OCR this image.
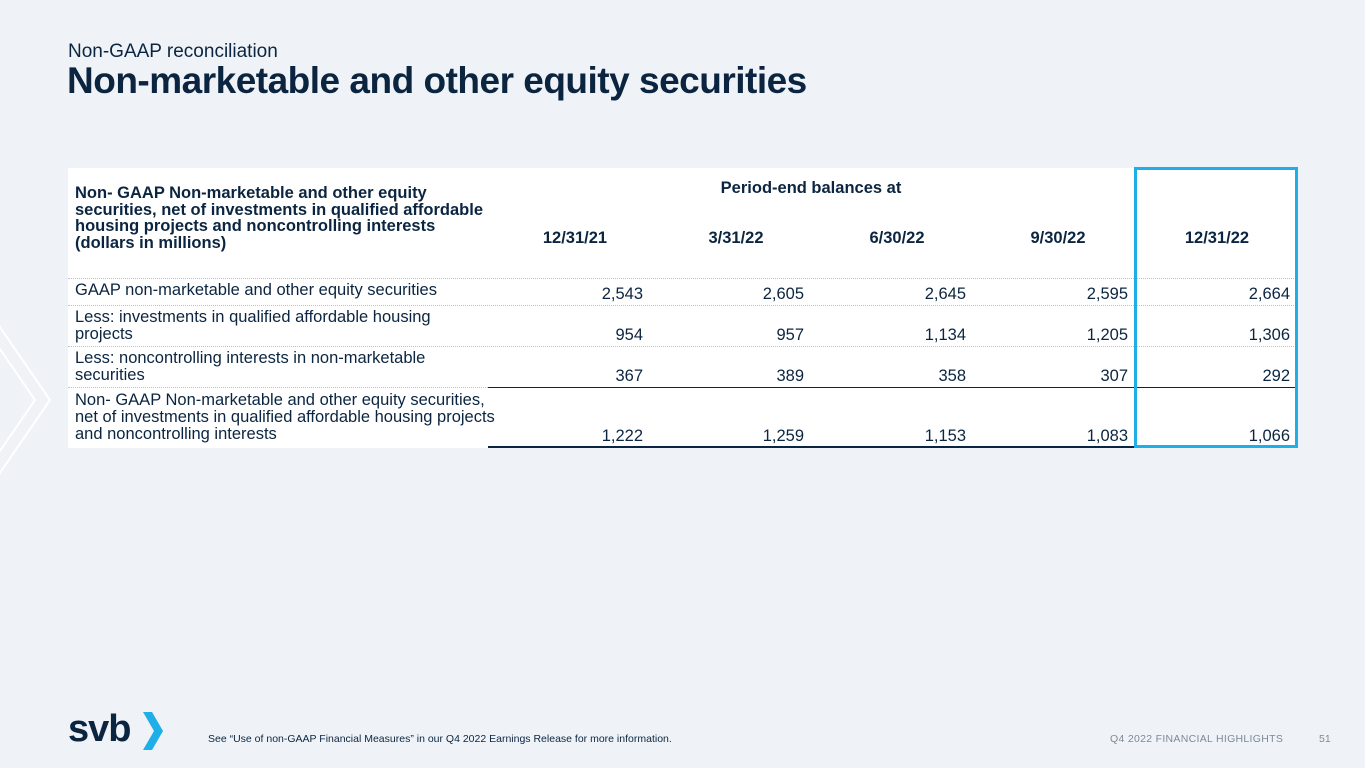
Non-GAAP reconciliation
Non-marketable and other equity securities
Non- GAAP Non-marketable and other equity securities, net of investments in qualified affordable housing projects and noncontrolling interests
(dollars in millions)
Period-end balances at
12/31/21	3/31/22	6/30/22	9/30/22	12/31/22
GAAP non-marketable and other equity securities	2,543	2,605	2,645	2,595	2,664
Less: investments in qualified affordable housing projects	954	957	1,134	1,205	1,306
Less: noncontrolling interests in non-marketable securities	367	389	358	307	292
Non- GAAP Non-marketable and other equity securities, net of investments in qualified affordable housing projects and noncontrolling interests	1,222	1,259	1,153	1,083	1,066
svb	See “Use of non-GAAP Financial Measures” in our Q4 2022 Earnings Release for more information.	Q4 2022 FINANCIAL HIGHLIGHTS	51
